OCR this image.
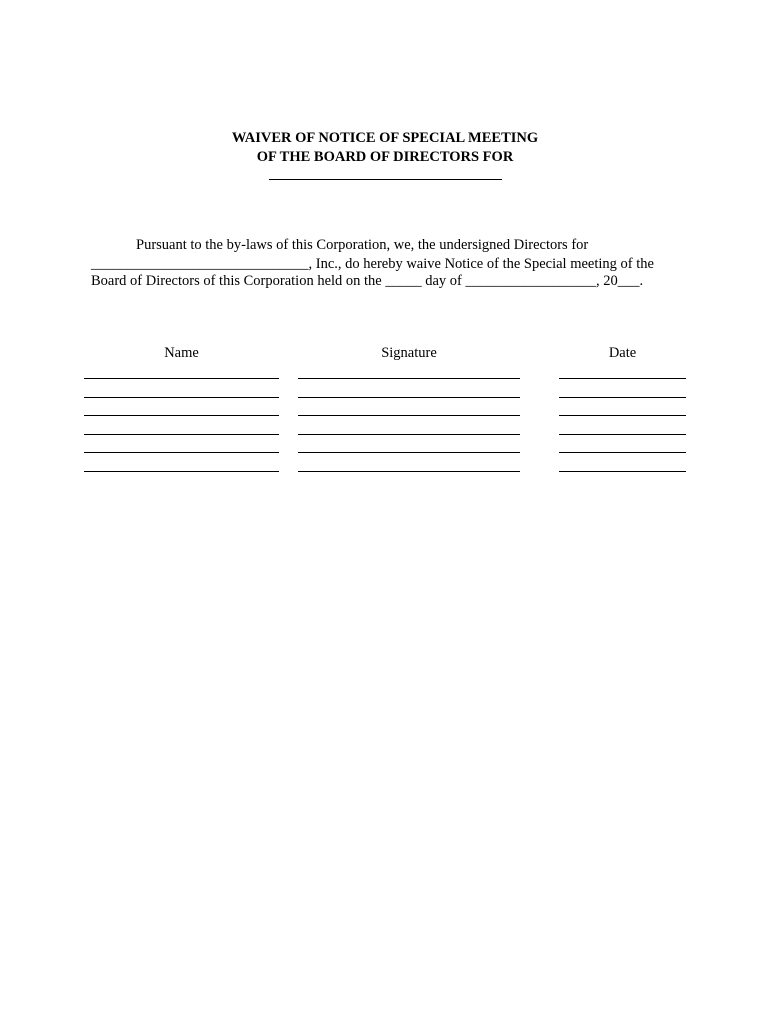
WAIVER OF NOTICE OF SPECIAL MEETING
OF THE BOARD OF DIRECTORS FOR
Pursuant to the by-laws of this Corporation, we, the undersigned Directors for
______________________________, Inc., do hereby waive Notice of the Special meeting of the
Board of Directors of this Corporation held on the _____ day of __________________, 20___.
Name	Signature	Date
